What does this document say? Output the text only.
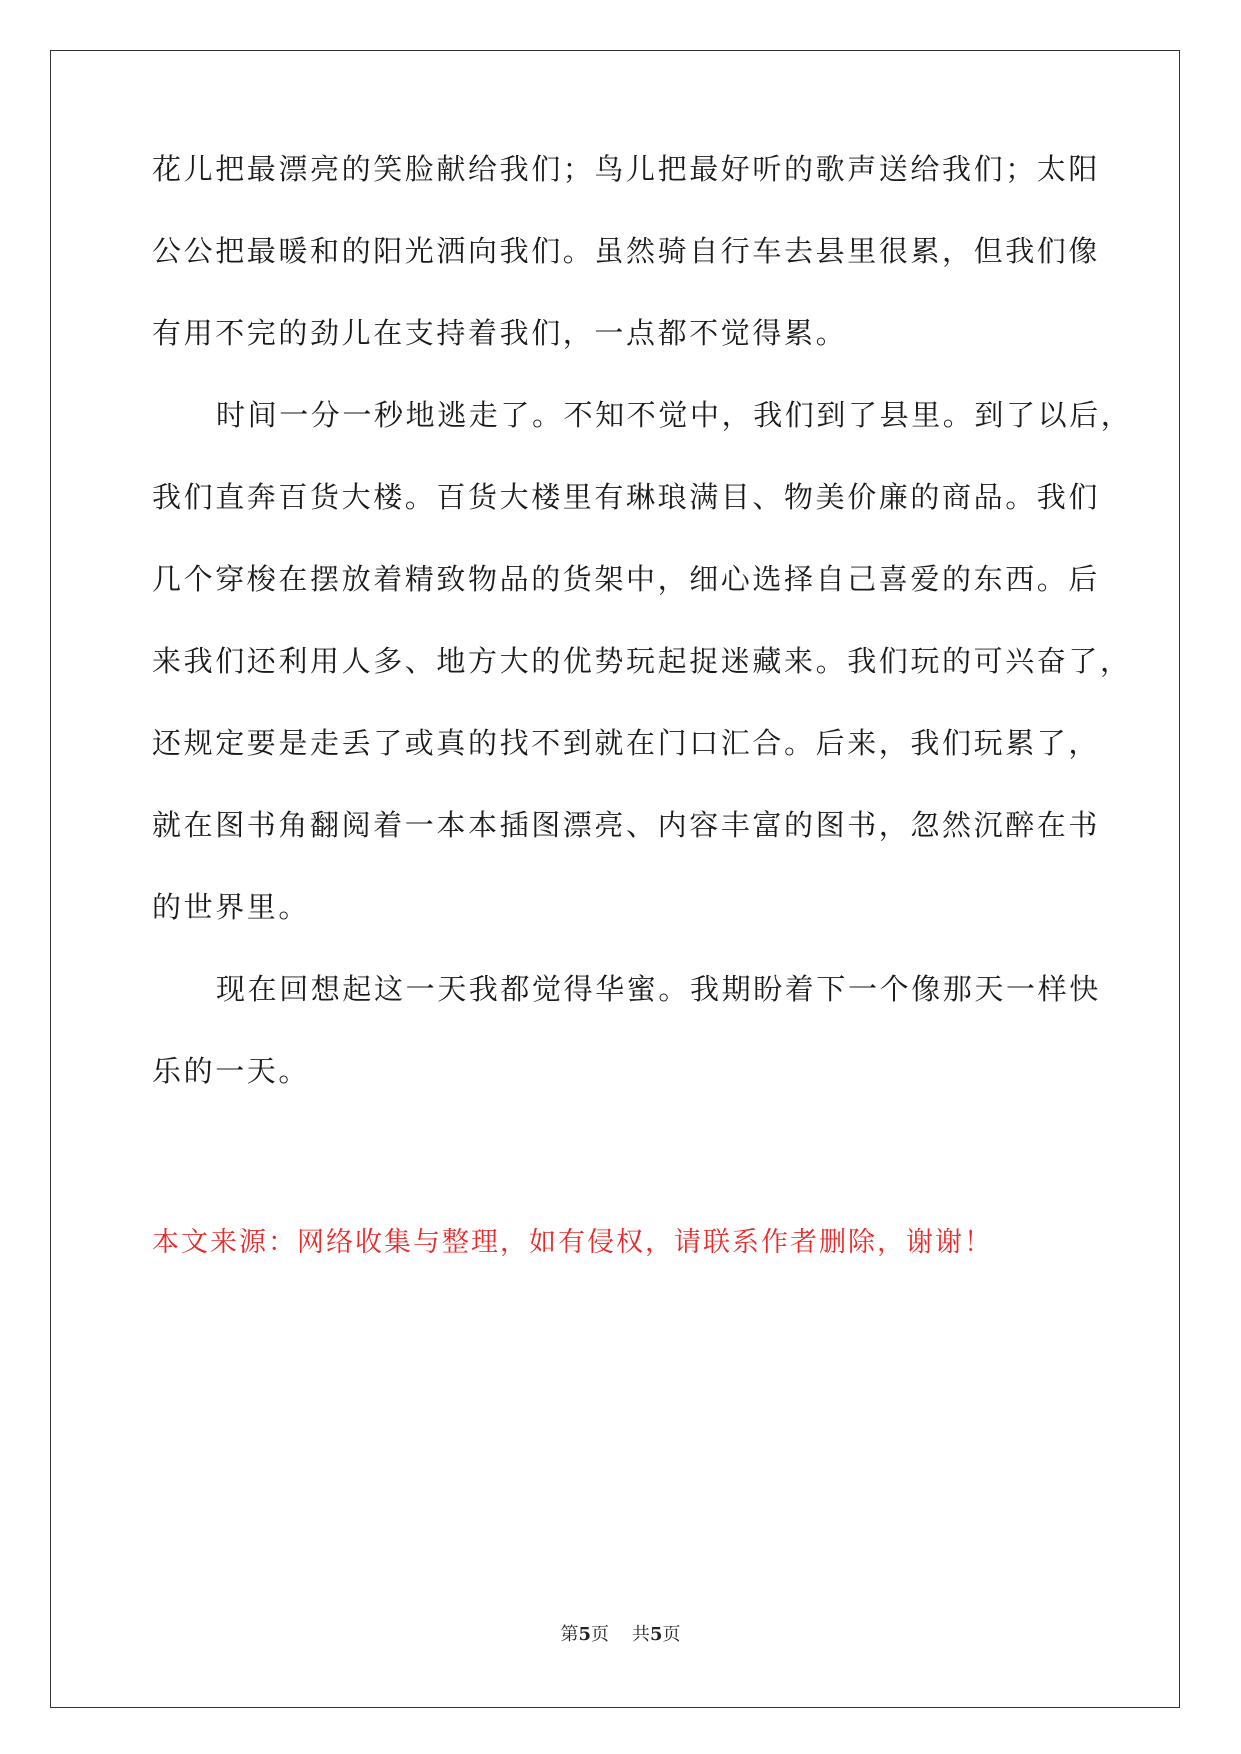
花儿把最漂亮的笑脸献给我们；鸟儿把最好听的歌声送给我们；太阳
公公把最暖和的阳光洒向我们。虽然骑自行车去县里很累，但我们像
有用不完的劲儿在支持着我们，一点都不觉得累。
时间一分一秒地逃走了。不知不觉中，我们到了县里。到了以后，
我们直奔百货大楼。百货大楼里有琳琅满目、物美价廉的商品。我们
几个穿梭在摆放着精致物品的货架中，细心选择自己喜爱的东西。后
来我们还利用人多、地方大的优势玩起捉迷藏来。我们玩的可兴奋了，
还规定要是走丢了或真的找不到就在门口汇合。后来，我们玩累了，
就在图书角翻阅着一本本插图漂亮、内容丰富的图书，忽然沉醉在书
的世界里。
现在回想起这一天我都觉得华蜜。我期盼着下一个像那天一样快
乐的一天。
本文来源：网络收集与整理，如有侵权，请联系作者删除，谢谢！
第5页    共5页
